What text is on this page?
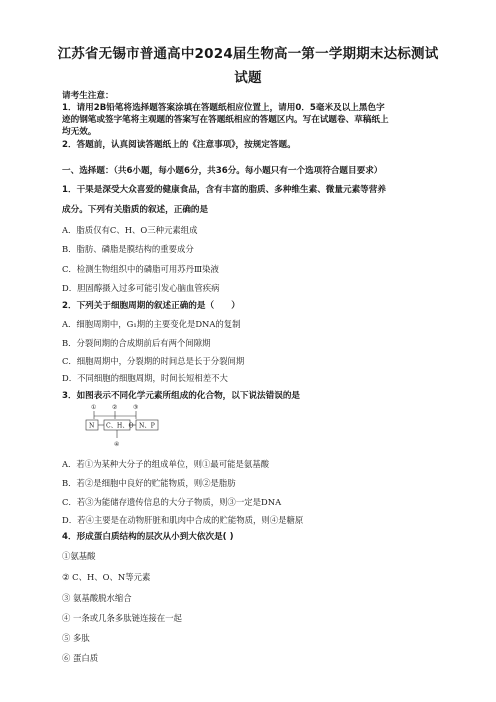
江苏省无锡市普通高中2024届生物高一第一学期期末达标测试
试题
请考生注意：
1．请用2B铅笔将选择题答案涂填在答题纸相应位置上，请用0．5毫米及以上黑色字
迹的钢笔或签字笔将主观题的答案写在答题纸相应的答题区内。写在试题卷、草稿纸上
均无效。
2．答题前，认真阅读答题纸上的《注意事项》，按规定答题。
一、选择题：（共6小题，每小题6分，共36分。每小题只有一个选项符合题目要求）
1．干果是深受大众喜爱的健康食品，含有丰富的脂质、多种维生素、微量元素等营养
成分。下列有关脂质的叙述，正确的是
A．脂质仅有C、H、O三种元素组成
B．脂肪、磷脂是膜结构的重要成分
C．检测生物组织中的磷脂可用苏丹Ⅲ染液
D．胆固醇摄入过多可能引发心脑血管疾病
2．下列关于细胞周期的叙述正确的是（　　）
A．细胞周期中，G₁期的主要变化是DNA的复制
B．分裂间期的合成期前后有两个间隙期
C．细胞周期中，分裂期的时间总是长于分裂间期
D．不同细胞的细胞周期，时间长短相差不大
3．如图表示不同化学元素所组成的化合物，以下说法错误的是
① ② ③
N C、H、O N、P
④
A．若①为某种大分子的组成单位，则①最可能是氨基酸
B．若②是细胞中良好的贮能物质，则②是脂肪
C．若③为能储存遗传信息的大分子物质，则③一定是DNA
D．若④主要是在动物肝脏和肌肉中合成的贮能物质，则④是糖原
4．形成蛋白质结构的层次从小到大依次是( )
①氨基酸
② C、H、O、N等元素
③ 氨基酸脱水缩合
④ 一条或几条多肽链连接在一起
⑤ 多肽
⑥ 蛋白质
